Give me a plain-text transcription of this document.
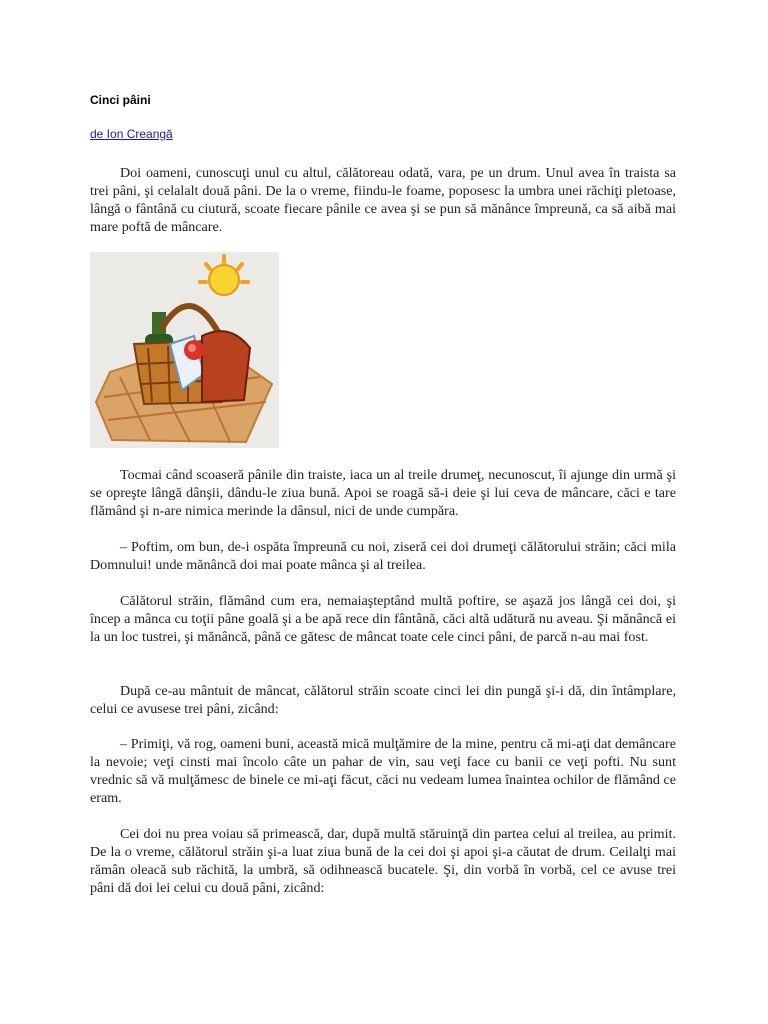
Cinci pâini
de Ion Creangă

Doi oameni, cunoscuţi unul cu altul, călătoreau odată, vara, pe un drum. Unul avea în traista sa trei pâni, şi celalalt două pâni. De la o vreme, fiindu-le foame, poposesc la umbra unei răchiţi pletoase, lângă o fântână cu ciutură, scoate fiecare pânile ce avea şi se pun să mănânce împreună, ca să aibă mai mare poftă de mâncare.

Tocmai când scoaseră pânile din traiste, iaca un al treile drumeţ, necunoscut, îi ajunge din urmă şi se opreşte lângă dânşii, dându-le ziua bună. Apoi se roagă să-i deie şi lui ceva de mâncare, căci e tare flămând şi n-are nimica merinde la dânsul, nici de unde cumpăra.

– Poftim, om bun, de-i ospăta împreună cu noi, ziseră cei doi drumeţi călătorului străin; căci mila Domnului! unde mănâncă doi mai poate mânca şi al treilea.

Călătorul străin, flămând cum era, nemaiaşteptând multă poftire, se aşază jos lângă cei doi, şi încep a mânca cu toţii pâne goală şi a be apă rece din fântână, căci altă udătură nu aveau. Şi mănâncă ei la un loc tustrei, şi mănâncă, până ce gătesc de mâncat toate cele cinci pâni, de parcă n-au mai fost.

După ce-au mântuit de mâncat, călătorul străin scoate cinci lei din pungă şi-i dă, din întâmplare, celui ce avusese trei pâni, zicând:

– Primiţi, vă rog, oameni buni, această mică mulţămire de la mine, pentru că mi-aţi dat demâncare la nevoie; veţi cinsti mai încolo câte un pahar de vin, sau veţi face cu banii ce veţi pofti. Nu sunt vrednic să vă mulţămesc de binele ce mi-aţi făcut, căci nu vedeam lumea înaintea ochilor de flămând ce eram.

Cei doi nu prea voiau să primească, dar, după multă stăruinţă din partea celui al treilea, au primit. De la o vreme, călătorul străin şi-a luat ziua bună de la cei doi şi apoi şi-a căutat de drum. Ceilalţi mai rămân oleacă sub răchită, la umbră, să odihnească bucatele. Şi, din vorbă în vorbă, cel ce avuse trei pâni dă doi lei celui cu două pâni, zicând:
